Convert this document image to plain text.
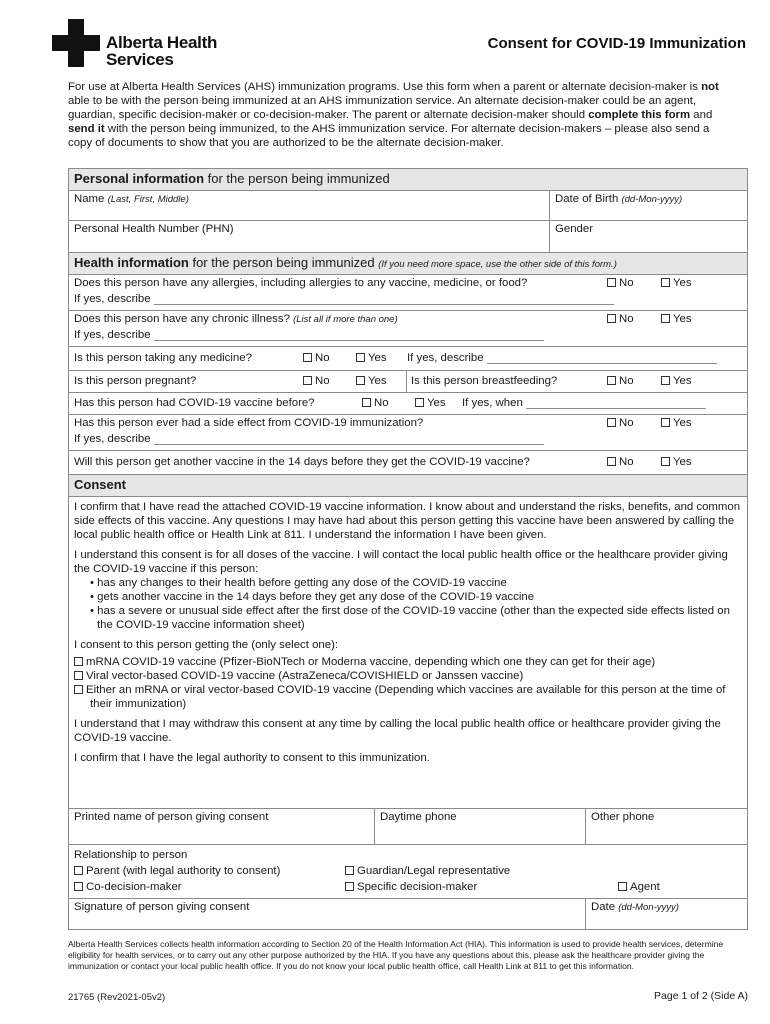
Alberta Health
Services
Consent for COVID-19 Immunization
For use at Alberta Health Services (AHS) immunization programs. Use this form when a parent or alternate decision-maker is not able to be with the person being immunized at an AHS immunization service. An alternate decision-maker could be an agent, guardian, specific decision-maker or co-decision-maker. The parent or alternate decision-maker should complete this form and send it with the person being immunized, to the AHS immunization service. For alternate decision-makers – please also send a copy of documents to show that you are authorized to be the alternate decision-maker.
Personal information for the person being immunized
Name (Last, First, Middle)	Date of Birth (dd-Mon-yyyy)
Personal Health Number (PHN)	Gender
Health information for the person being immunized (If you need more space, use the other side of this form.)
Does this person have any allergies, including allergies to any vaccine, medicine, or food?	No	Yes
If yes, describe
Does this person have any chronic illness? (List all if more than one)	No	Yes
If yes, describe
Is this person taking any medicine?	No	Yes If yes, describe
Is this person pregnant?	No	Yes Is this person breastfeeding?	No	Yes
Has this person had COVID-19 vaccine before?	No	Yes If yes, when
Has this person ever had a side effect from COVID-19 immunization?	No	Yes
If yes, describe
Will this person get another vaccine in the 14 days before they get the COVID-19 vaccine?	No	Yes
Consent

I confirm that I have read the attached COVID-19 vaccine information. I know about and understand the risks, benefits, and common side effects of this vaccine. Any questions I may have had about this person getting this vaccine have been answered by calling the local public health office or Health Link at 811. I understand the information I have been given.

I understand this consent is for all doses of the vaccine. I will contact the local public health office or the healthcare provider giving the COVID-19 vaccine if this person:

• has any changes to their health before getting any dose of the COVID-19 vaccine
• gets another vaccine in the 14 days before they get any dose of the COVID-19 vaccine
• has a severe or unusual side effect after the first dose of the COVID-19 vaccine (other than the expected side effects listed on the COVID-19 vaccine information sheet)

I consent to this person getting the (only select one):

mRNA COVID-19 vaccine (Pfizer-BioNTech or Moderna vaccine, depending which one they can get for their age)
Viral vector-based COVID-19 vaccine (AstraZeneca/COVISHIELD or Janssen vaccine)
Either an mRNA or viral vector-based COVID-19 vaccine (Depending which vaccines are available for this person at the time of their immunization)

I understand that I may withdraw this consent at any time by calling the local public health office or healthcare provider giving the COVID-19 vaccine.

I confirm that I have the legal authority to consent to this immunization.

Printed name of person giving consent	Daytime phone	Other phone
Relationship to person
Parent (with legal authority to consent)	Guardian/Legal representative
Co-decision-maker	Specific decision-maker	Agent
Signature of person giving consent	Date (dd-Mon-yyyy)
Alberta Health Services collects health information according to Section 20 of the Health Information Act (HIA). This information is used to provide health services, determine eligibility for health services, or to carry out any other purpose authorized by the HIA. If you have any questions about this, please ask the healthcare provider giving the immunization or contact your local public health office. If you do not know your local public health office, call Health Link at 811 to get this information.
21765 (Rev2021-05v2)	Page 1 of 2 (Side A)
